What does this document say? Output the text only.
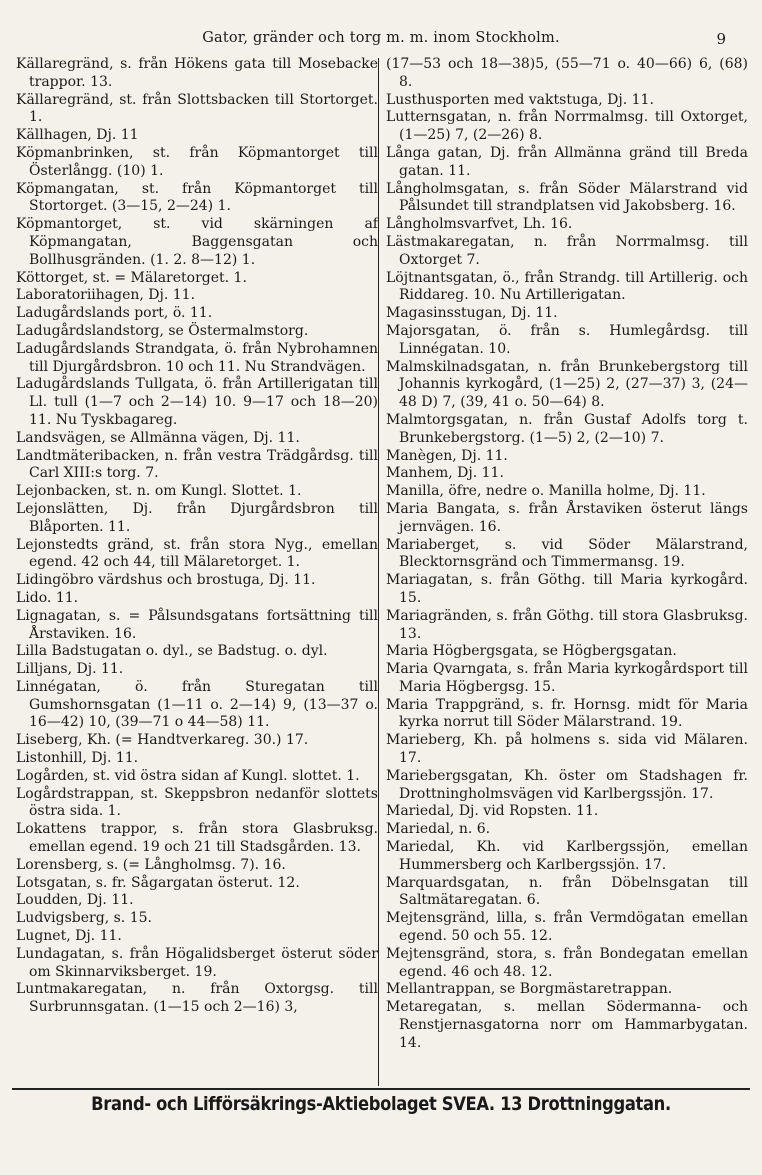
Gator, gränder och torg m. m. inom Stockholm.	9

Källaregränd, s. från Hökens gata till Mosebacke trappor. 13.

Källaregränd, st. från Slottsbacken till Stortorget. 1.

Källhagen, Dj. 11

Köpmanbrinken, st. från Köpmantorget till Österlångg. (10) 1.

Köpmangatan, st. från Köpmantorget till Stortorget. (3—15, 2—24) 1.

Köpmantorget, st. vid skärningen af Köpmangatan, Baggensgatan och Bollhusgränden. (1. 2. 8—12) 1.

Köttorget, st. = Mälaretorget. 1.

Laboratoriihagen, Dj. 11.

Ladugårdslands port, ö. 11.

Ladugårdslandstorg, se Östermalmstorg.

Ladugårdslands Strandgata, ö. från Nybrohamnen till Djurgårdsbron. 10 och 11. Nu Strandvägen.

Ladugårdslands Tullgata, ö. från Artillerigatan till Ll. tull (1—7 och 2—14) 10. 9—17 och 18—20) 11. Nu Tyskbagareg.

Landsvägen, se Allmänna vägen, Dj. 11.

Landtmäteribacken, n. från vestra Trädgårdsg. till Carl XIII:s torg. 7.

Lejonbacken, st. n. om Kungl. Slottet. 1.

Lejonslätten, Dj. från Djurgårdsbron till Blåporten. 11.

Lejonstedts gränd, st. från stora Nyg., emellan egend. 42 och 44, till Mälaretorget. 1.

Lidingöbro värdshus och brostuga, Dj. 11.

Lido. 11.

Lignagatan, s. = Pålsundsgatans fortsättning till Årstaviken. 16.

Lilla Badstugatan o. dyl., se Badstug. o. dyl.

Lilljans, Dj. 11.

Linnégatan, ö. från Sturegatan till Gumshornsgatan (1—11 o. 2—14) 9, (13—37 o. 16—42) 10, (39—71 o 44—58) 11.

Liseberg, Kh. (= Handtverkareg. 30.) 17.

Listonhill, Dj. 11.

Logården, st. vid östra sidan af Kungl. slottet. 1.

Logårdstrappan, st. Skeppsbron nedanför slottets östra sida. 1.

Lokattens trappor, s. från stora Glasbruksg. emellan egend. 19 och 21 till Stadsgården. 13.

Lorensberg, s. (= Långholmsg. 7). 16.

Lotsgatan, s. fr. Sågargatan österut. 12.

Loudden, Dj. 11.

Ludvigsberg, s. 15.

Lugnet, Dj. 11.

Lundagatan, s. från Högalidsberget österut söder om Skinnarviksberget. 19.

Luntmakaregatan, n. från Oxtorgsg. till Surbrunnsgatan. (1—15 och 2—16) 3,

(17—53 och 18—38)5, (55—71 o. 40—66) 6, (68) 8.

Lusthusporten med vaktstuga, Dj. 11.

Lutternsgatan, n. från Norrmalmsg. till Oxtorget, (1—25) 7, (2—26) 8.

Långa gatan, Dj. från Allmänna gränd till Breda gatan. 11.

Långholmsgatan, s. från Söder Mälarstrand vid Pålsundet till strandplatsen vid Jakobsberg. 16.

Långholmsvarfvet, Lh. 16.

Lästmakaregatan, n. från Norrmalmsg. till Oxtorget 7.

Löjtnantsgatan, ö., från Strandg. till Artillerig. och Riddareg. 10. Nu Artillerigatan.

Magasinsstugan, Dj. 11.

Majorsgatan, ö. från s. Humlegårdsg. till Linnégatan. 10.

Malmskilnadsgatan, n. från Brunkebergstorg till Johannis kyrkogård, (1—25) 2, (27—37) 3, (24—48 D) 7, (39, 41 o. 50—64) 8.

Malmtorgsgatan, n. från Gustaf Adolfs torg t. Brunkebergstorg. (1—5) 2, (2—10) 7.

Manègen, Dj. 11.

Manhem, Dj. 11.

Manilla, öfre, nedre o. Manilla holme, Dj. 11.

Maria Bangata, s. från Årstaviken österut längs jernvägen. 16.

Mariaberget, s. vid Söder Mälarstrand, Blecktornsgränd och Timmermansg. 19.

Mariagatan, s. från Göthg. till Maria kyrkogård. 15.

Mariagränden, s. från Göthg. till stora Glasbruksg. 13.

Maria Högbergsgata, se Högbergsgatan.

Maria Qvarngata, s. från Maria kyrkogårdsport till Maria Högbergsg. 15.

Maria Trappgränd, s. fr. Hornsg. midt för Maria kyrka norrut till Söder Mälarstrand. 19.

Marieberg, Kh. på holmens s. sida vid Mälaren. 17.

Mariebergsgatan, Kh. öster om Stadshagen fr. Drottningholmsvägen vid Karlbergssjön. 17.

Mariedal, Dj. vid Ropsten. 11.

Mariedal, n. 6.

Mariedal, Kh. vid Karlbergssjön, emellan Hummersberg och Karlbergssjön. 17.

Marquardsgatan, n. från Döbelnsgatan till Saltmätaregatan. 6.

Mejtensgränd, lilla, s. från Vermdögatan emellan egend. 50 och 55. 12.

Mejtensgränd, stora, s. från Bondegatan emellan egend. 46 och 48. 12.

Mellantrappan, se Borgmästaretrappan.

Metaregatan, s. mellan Södermanna- och Renstjernasgatorna norr om Hammarbygatan. 14.

Brand- och Lifförsäkrings-Aktiebolaget SVEA. 13 Drottninggatan.
